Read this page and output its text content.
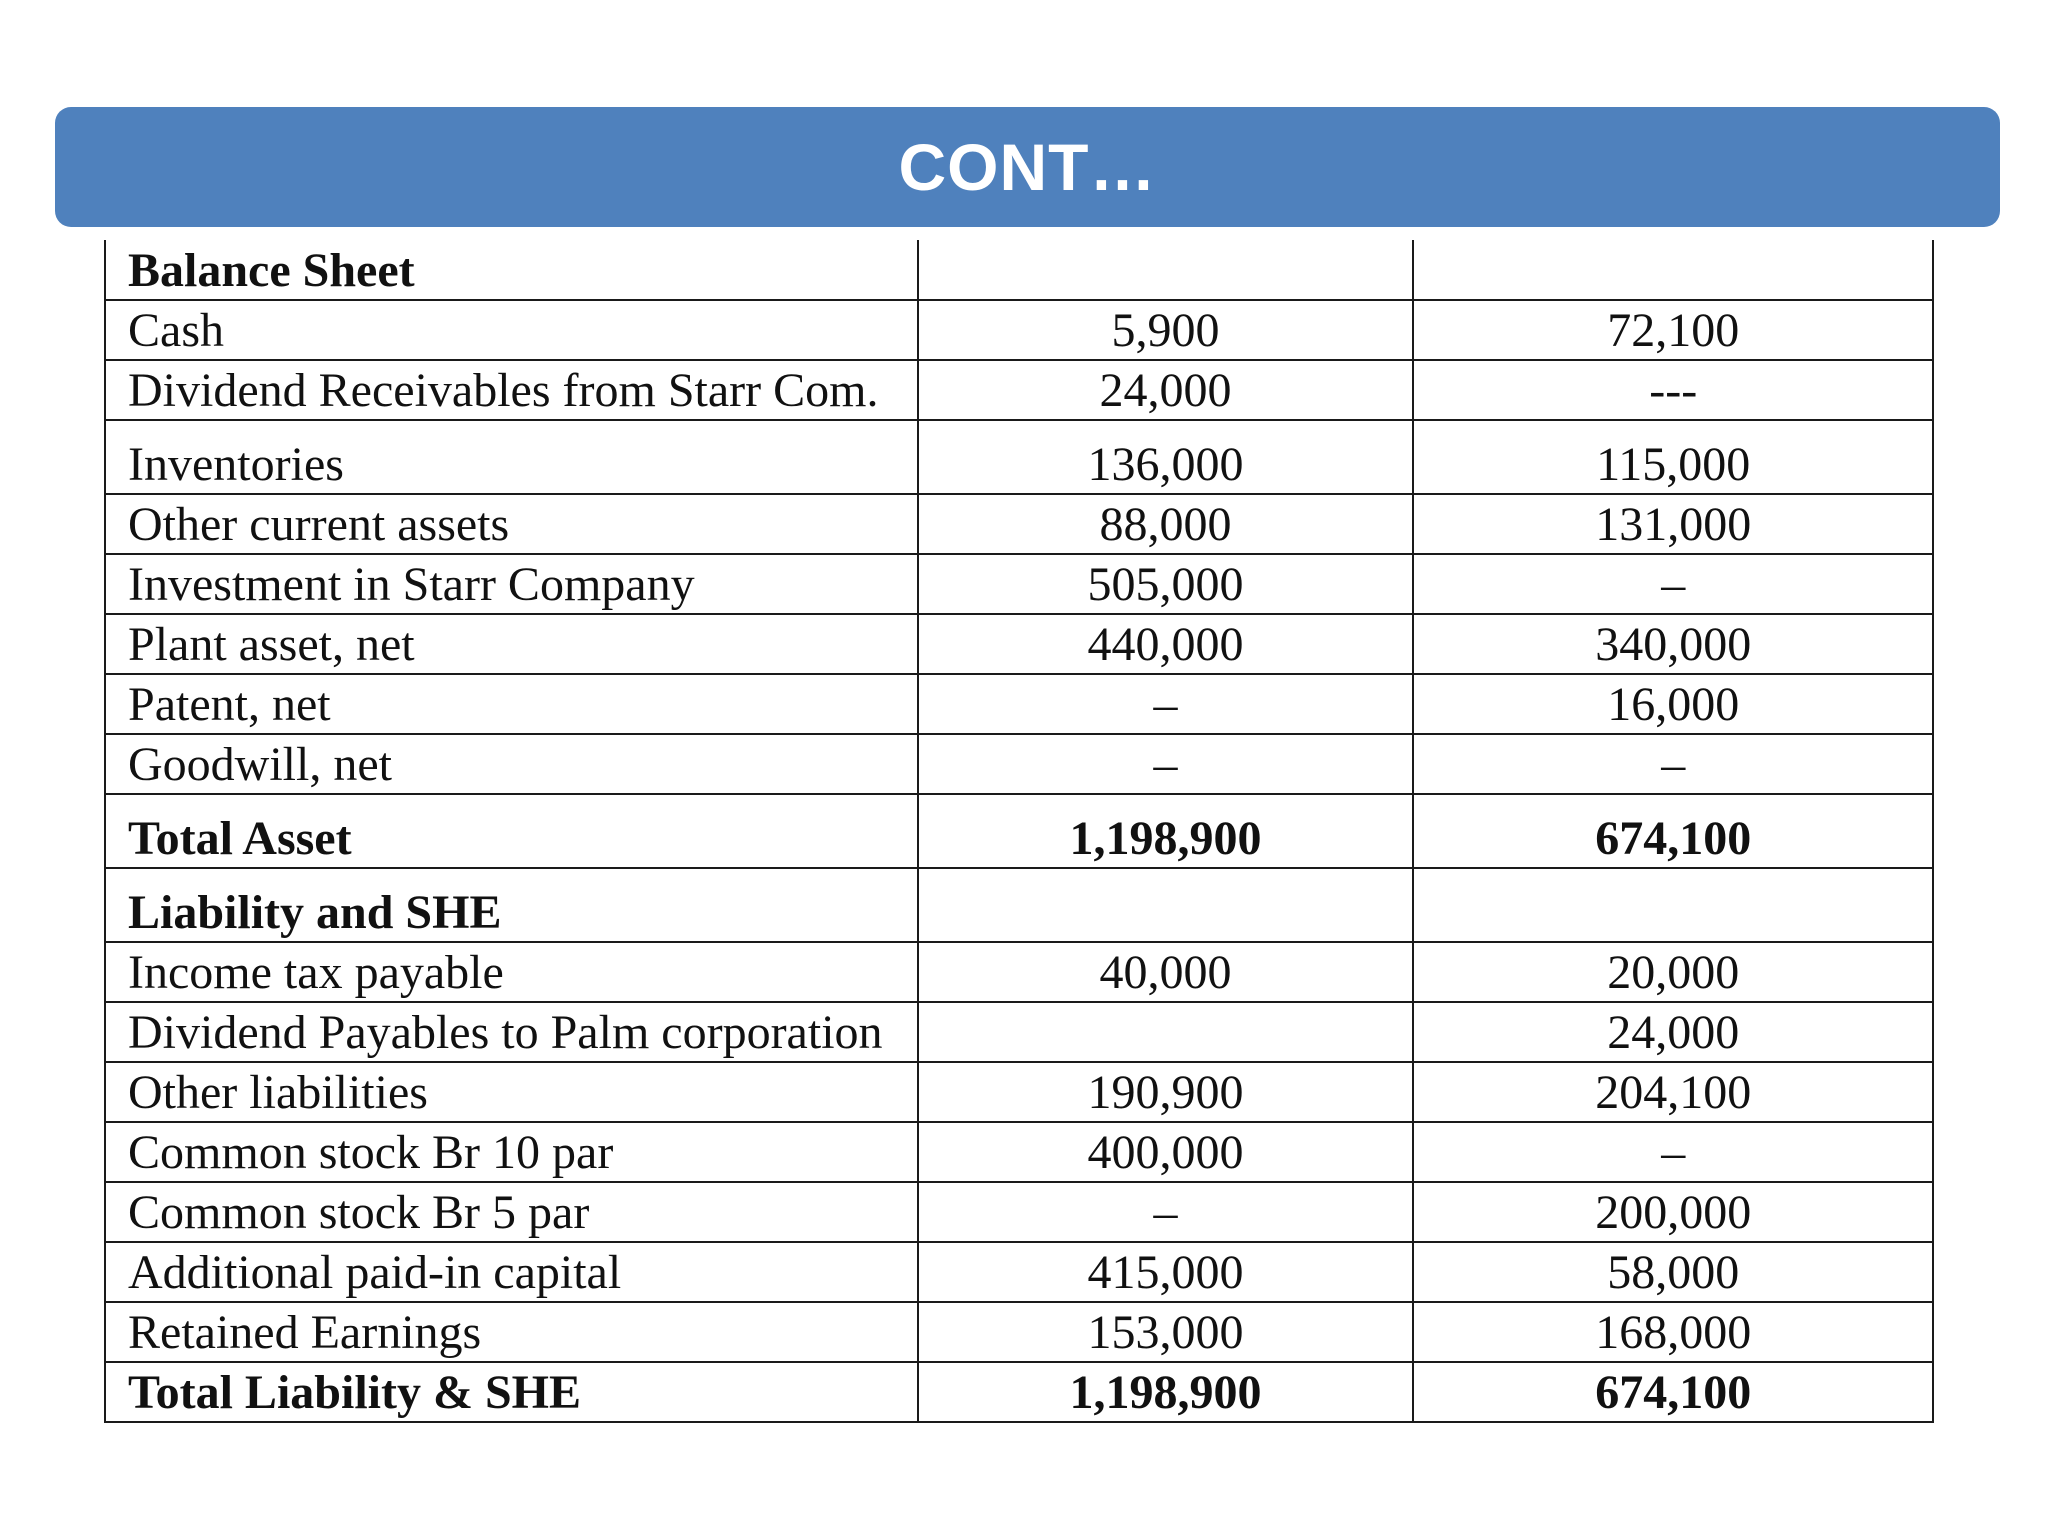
CONT…
Balance Sheet		
Cash	5,900	72,100
Dividend Receivables from Starr Com.	24,000	---
Inventories	136,000	115,000
Other current assets	88,000	131,000
Investment in Starr Company	505,000	–
Plant asset, net	440,000	340,000
Patent, net	–	16,000
Goodwill, net	–	–
Total Asset	1,198,900	674,100
Liability and SHE		
Income tax payable	40,000	20,000
Dividend Payables to Palm corporation		24,000
Other liabilities	190,900	204,100
Common stock Br 10 par	400,000	–
Common stock Br 5 par	–	200,000
Additional paid-in capital	415,000	58,000
Retained Earnings	153,000	168,000
Total Liability & SHE	1,198,900	674,100
